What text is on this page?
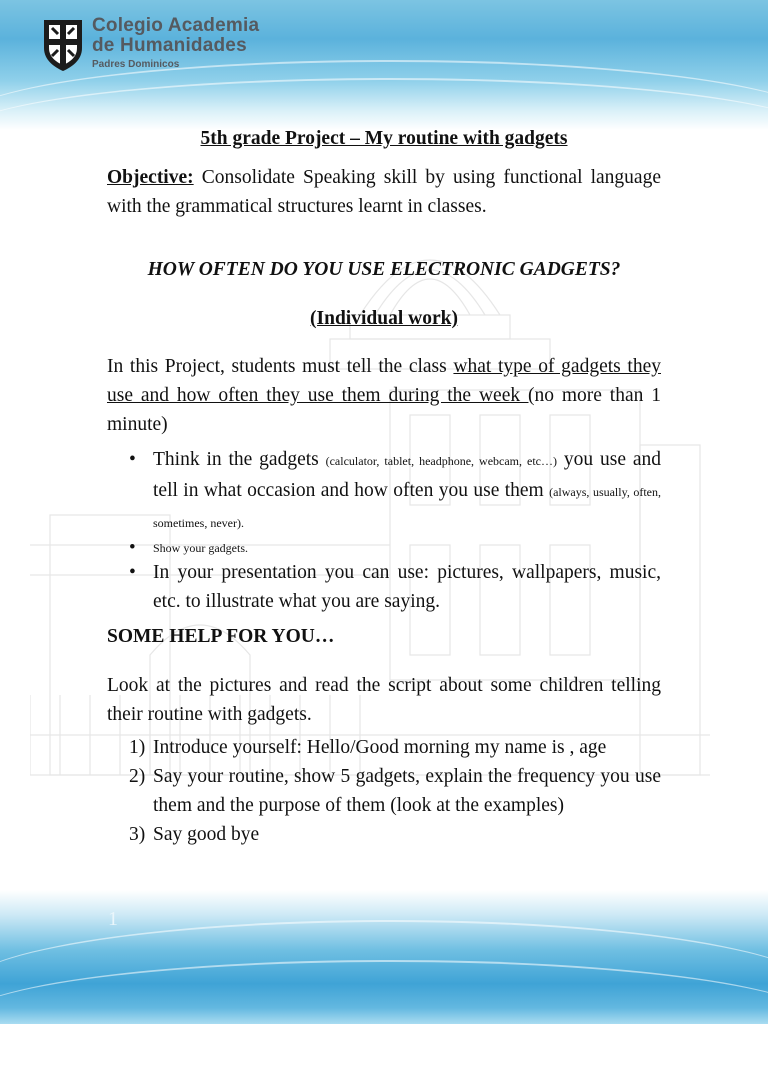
Colegio Academia
de Humanidades
Padres Dominicos

5th grade Project – My routine with gadgets

Objective: Consolidate Speaking skill by using functional language with the grammatical structures learnt in classes.

HOW OFTEN DO YOU USE ELECTRONIC GADGETS?

(Individual work)

In this Project, students must tell the class what type of gadgets they use and how often they use them during the week (no more than 1 minute)

• Think in the gadgets (calculator, tablet, headphone, webcam, etc…) you use and tell in what occasion and how often you use them (always, usually, often, sometimes, never).
• Show your gadgets.
• In your presentation you can use: pictures, wallpapers, music, etc. to illustrate what you are saying.

SOME HELP FOR YOU…

Look at the pictures and read the script about some children telling their routine with gadgets.

1) Introduce yourself: Hello/Good morning my name is , age
2) Say your routine, show 5 gadgets, explain the frequency you use them and the purpose of them (look at the examples)
3) Say good bye
1
